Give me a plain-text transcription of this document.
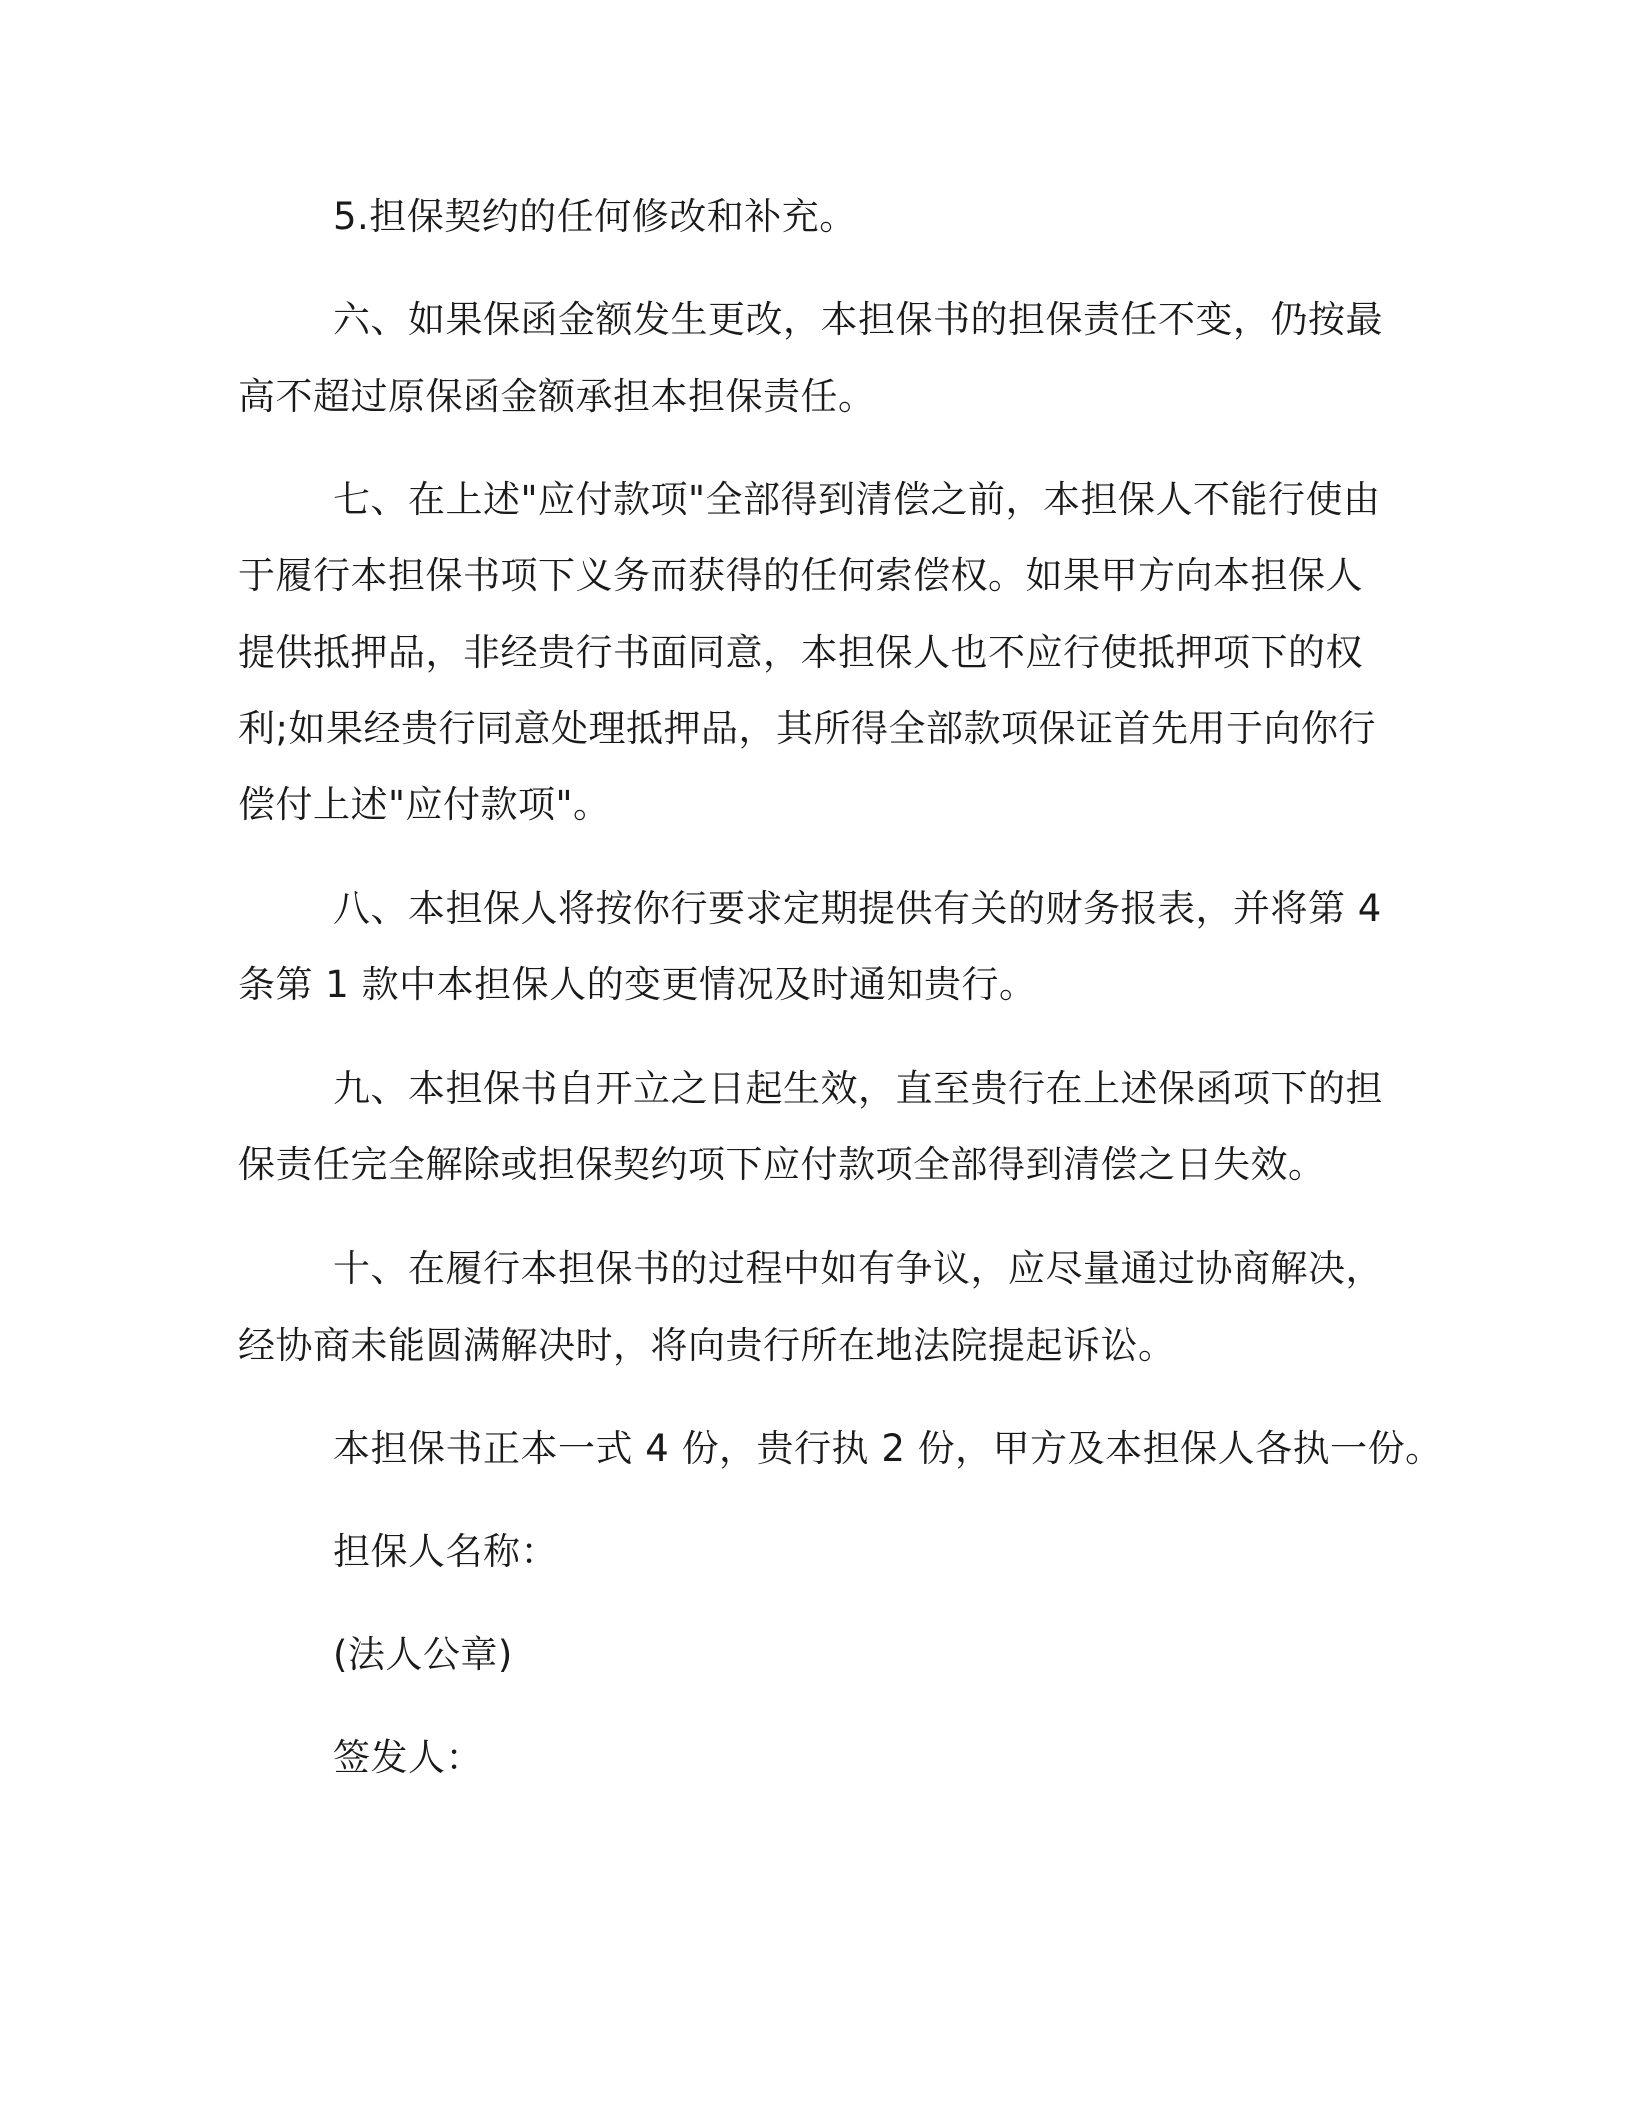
5.担保契约的任何修改和补充。
六、如果保函金额发生更改，本担保书的担保责任不变，仍按最
高不超过原保函金额承担本担保责任。
七、在上述"应付款项"全部得到清偿之前，本担保人不能行使由
于履行本担保书项下义务而获得的任何索偿权。如果甲方向本担保人
提供抵押品，非经贵行书面同意，本担保人也不应行使抵押项下的权
利;如果经贵行同意处理抵押品，其所得全部款项保证首先用于向你行
偿付上述"应付款项"。
八、本担保人将按你行要求定期提供有关的财务报表，并将第 4
条第 1 款中本担保人的变更情况及时通知贵行。
九、本担保书自开立之日起生效，直至贵行在上述保函项下的担
保责任完全解除或担保契约项下应付款项全部得到清偿之日失效。
十、在履行本担保书的过程中如有争议，应尽量通过协商解决，
经协商未能圆满解决时，将向贵行所在地法院提起诉讼。
本担保书正本一式 4 份，贵行执 2 份，甲方及本担保人各执一份。
担保人名称：
(法人公章)
签发人：
